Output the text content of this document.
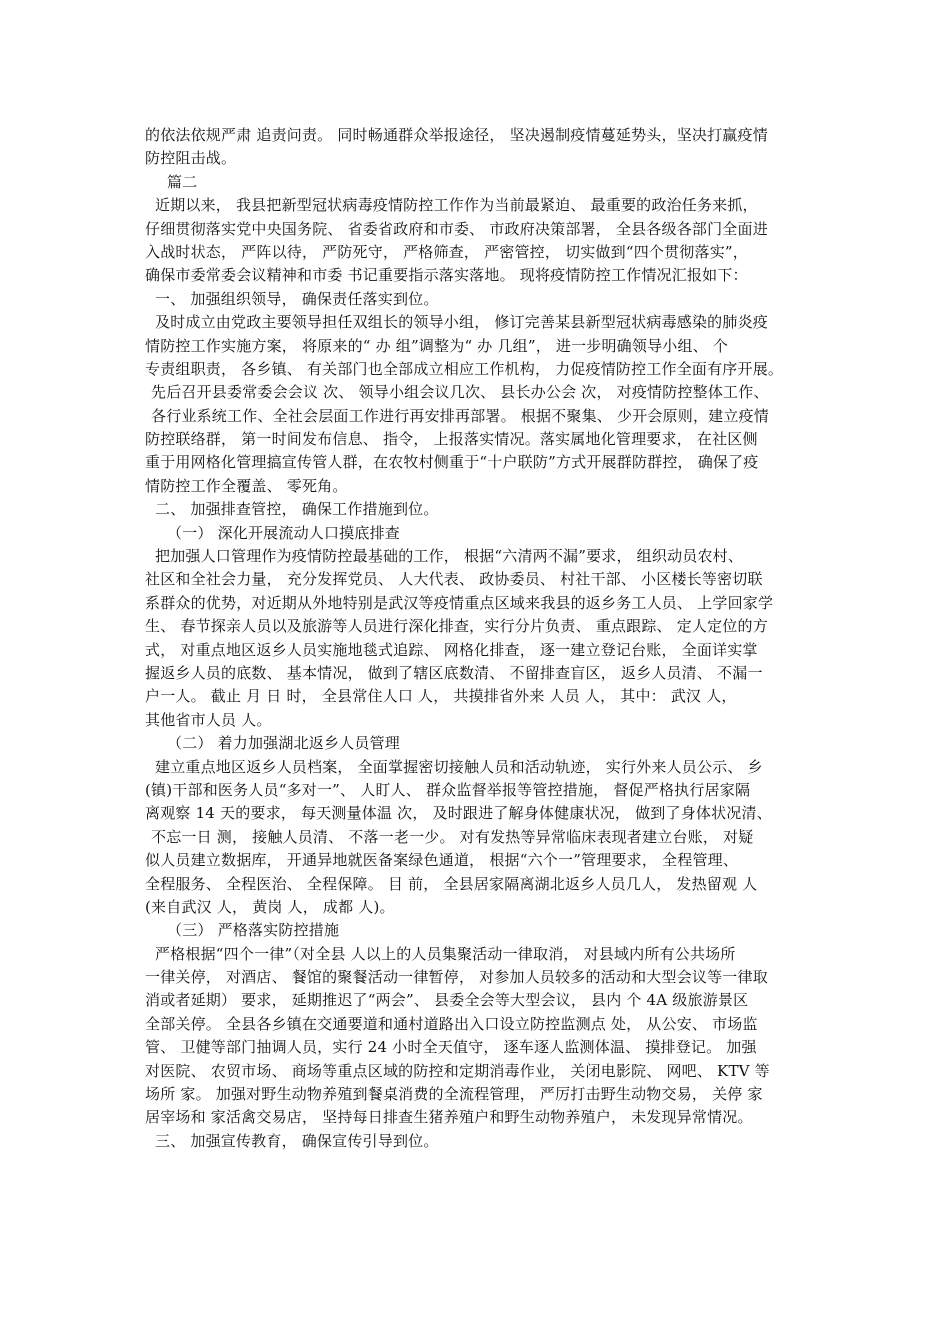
的依法依规严肃 追责问责。 同时畅通群众举报途径， 坚决遏制疫情蔓延势头，坚决打赢疫情
防控阻击战。
篇二
近期以来， 我县把新型冠状病毒疫情防控工作作为当前最紧迫、 最重要的政治任务来抓，
仔细贯彻落实党中央国务院、 省委省政府和市委、 市政府决策部署， 全县各级各部门全面进
入战时状态， 严阵以待， 严防死守， 严格筛查， 严密管控， 切实做到“四个贯彻落实”，
确保市委常委会议精神和市委 书记重要指示落实落地。 现将疫情防控工作情况汇报如下：
一、 加强组织领导， 确保责任落实到位。
及时成立由党政主要领导担任双组长的领导小组， 修订完善某县新型冠状病毒感染的肺炎疫
情防控工作实施方案， 将原来的“ 办 组”调整为“ 办 几组”， 进一步明确领导小组、 个
专责组职责， 各乡镇、 有关部门也全部成立相应工作机构， 力促疫情防控工作全面有序开展。
先后召开县委常委会会议 次、 领导小组会议几次、 县长办公会 次， 对疫情防控整体工作、
各行业系统工作、全社会层面工作进行再安排再部署。 根据不聚集、 少开会原则，建立疫情
防控联络群， 第一时间发布信息、 指令， 上报落实情况。落实属地化管理要求， 在社区侧
重于用网格化管理搞宣传管人群，在农牧村侧重于“十户联防”方式开展群防群控， 确保了疫
情防控工作全覆盖、 零死角。
二、 加强排查管控， 确保工作措施到位。
（一） 深化开展流动人口摸底排查
把加强人口管理作为疫情防控最基础的工作， 根据“六清两不漏”要求， 组织动员农村、
社区和全社会力量， 充分发挥党员、 人大代表、 政协委员、 村社干部、 小区楼长等密切联
系群众的优势，对近期从外地特别是武汉等疫情重点区域来我县的返乡务工人员、 上学回家学
生、 春节探亲人员以及旅游等人员进行深化排查，实行分片负责、 重点跟踪、 定人定位的方
式， 对重点地区返乡人员实施地毯式追踪、 网格化排查， 逐一建立登记台账， 全面详实掌
握返乡人员的底数、 基本情况， 做到了辖区底数清、 不留排查盲区， 返乡人员清、 不漏一
户一人。 截止 月 日 时， 全县常住人口 人， 共摸排省外来 人员 人， 其中： 武汉 人，
其他省市人员 人。
（二） 着力加强湖北返乡人员管理
建立重点地区返乡人员档案， 全面掌握密切接触人员和活动轨迹， 实行外来人员公示、 乡
(镇)干部和医务人员“多对一”、 人盯人、 群众监督举报等管控措施， 督促严格执行居家隔
离观察 14 天的要求， 每天测量体温 次， 及时跟进了解身体健康状况， 做到了身体状况清、
不忘一日 测， 接触人员清、 不落一老一少。 对有发热等异常临床表现者建立台账， 对疑
似人员建立数据库， 开通异地就医备案绿色通道， 根据“六个一”管理要求， 全程管理、
全程服务、 全程医治、 全程保障。 目 前， 全县居家隔离湖北返乡人员几人， 发热留观 人
(来自武汉 人， 黄岗 人， 成都 人)。
（三） 严格落实防控措施
严格根据“四个一律”（对全县 人以上的人员集聚活动一律取消， 对县域内所有公共场所
一律关停， 对酒店、 餐馆的聚餐活动一律暂停， 对参加人员较多的活动和大型会议等一律取
消或者延期） 要求， 延期推迟了“两会”、 县委全会等大型会议， 县内 个 4A 级旅游景区
全部关停。 全县各乡镇在交通要道和通村道路出入口设立防控监测点 处， 从公安、 市场监
管、 卫健等部门抽调人员，实行 24 小时全天值守， 逐车逐人监测体温、 摸排登记。 加强
对医院、 农贸市场、 商场等重点区域的防控和定期消毒作业， 关闭电影院、 网吧、 KTV 等
场所 家。 加强对野生动物养殖到餐桌消费的全流程管理， 严厉打击野生动物交易， 关停 家
居宰场和 家活禽交易店， 坚持每日排查生猪养殖户和野生动物养殖户， 未发现异常情况。
三、 加强宣传教育， 确保宣传引导到位。
